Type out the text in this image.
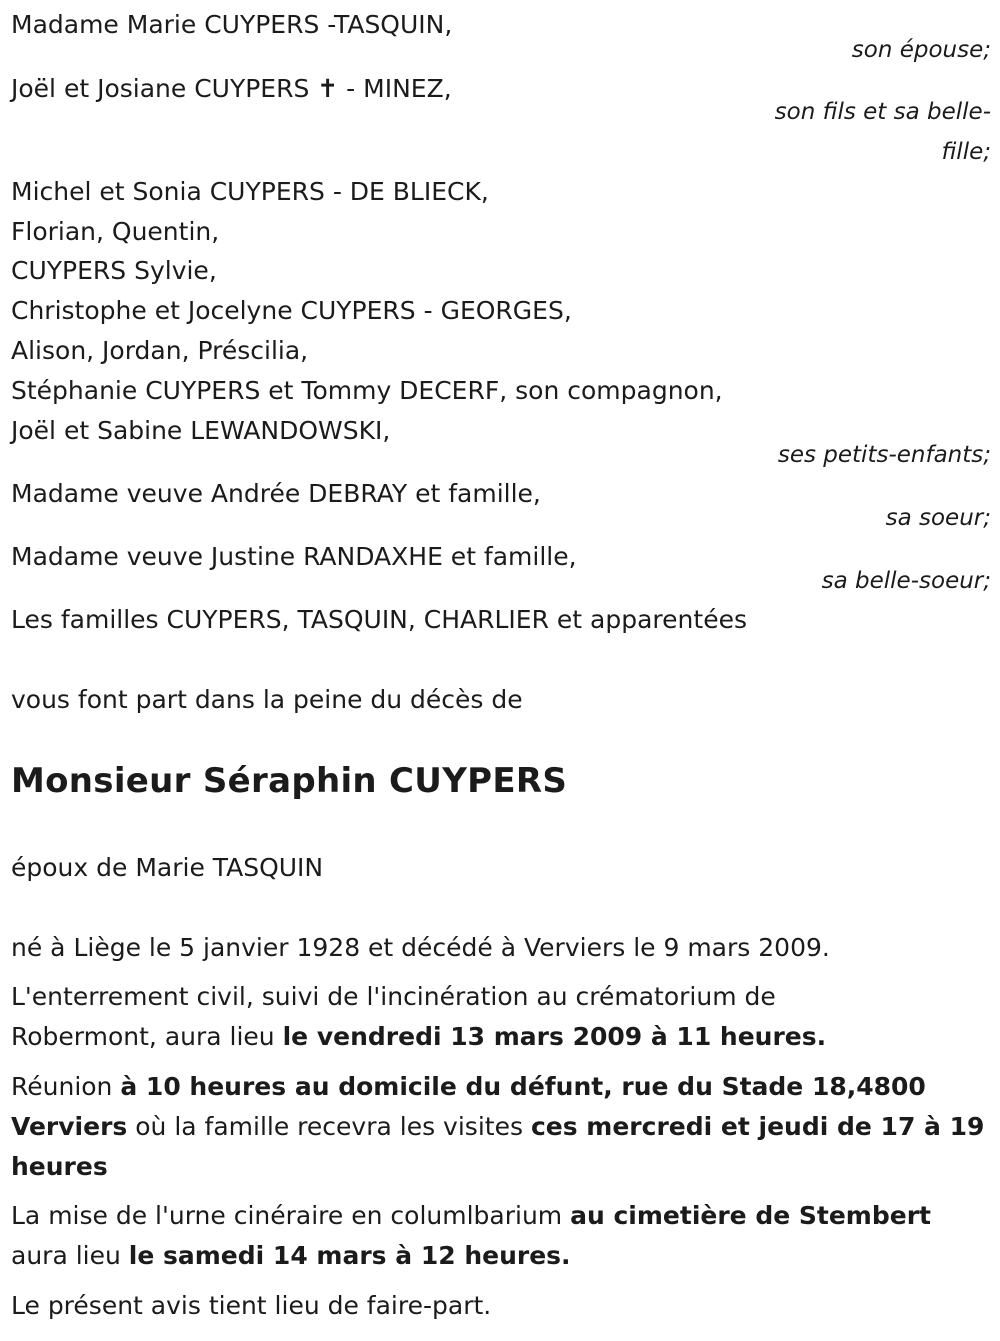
Madame Marie CUYPERS -TASQUIN,
son épouse;
Joël et Josiane CUYPERS ✝ - MINEZ,
son fils et sa belle-
fille;
Michel et Sonia CUYPERS - DE BLIECK,
Florian, Quentin,
CUYPERS Sylvie,
Christophe et Jocelyne CUYPERS - GEORGES,
Alison, Jordan, Préscilia,
Stéphanie CUYPERS et Tommy DECERF, son compagnon,
Joël et Sabine LEWANDOWSKI,
ses petits-enfants;
Madame veuve Andrée DEBRAY et famille,
sa soeur;
Madame veuve Justine RANDAXHE et famille,
sa belle-soeur;
Les familles CUYPERS, TASQUIN, CHARLIER et apparentées
vous font part dans la peine du décès de
Monsieur Séraphin CUYPERS
époux de Marie TASQUIN
né à Liège le 5 janvier 1928 et décédé à Verviers le 9 mars 2009.
L'enterrement civil, suivi de l'incinération au crématorium de
Robermont, aura lieu le vendredi 13 mars 2009 à 11 heures.
Réunion à 10 heures au domicile du défunt, rue du Stade 18,4800
Verviers où la famille recevra les visites ces mercredi et jeudi de 17 à 19
heures
La mise de l'urne cinéraire en columlbarium au cimetière de Stembert
aura lieu le samedi 14 mars à 12 heures.
Le présent avis tient lieu de faire-part.
